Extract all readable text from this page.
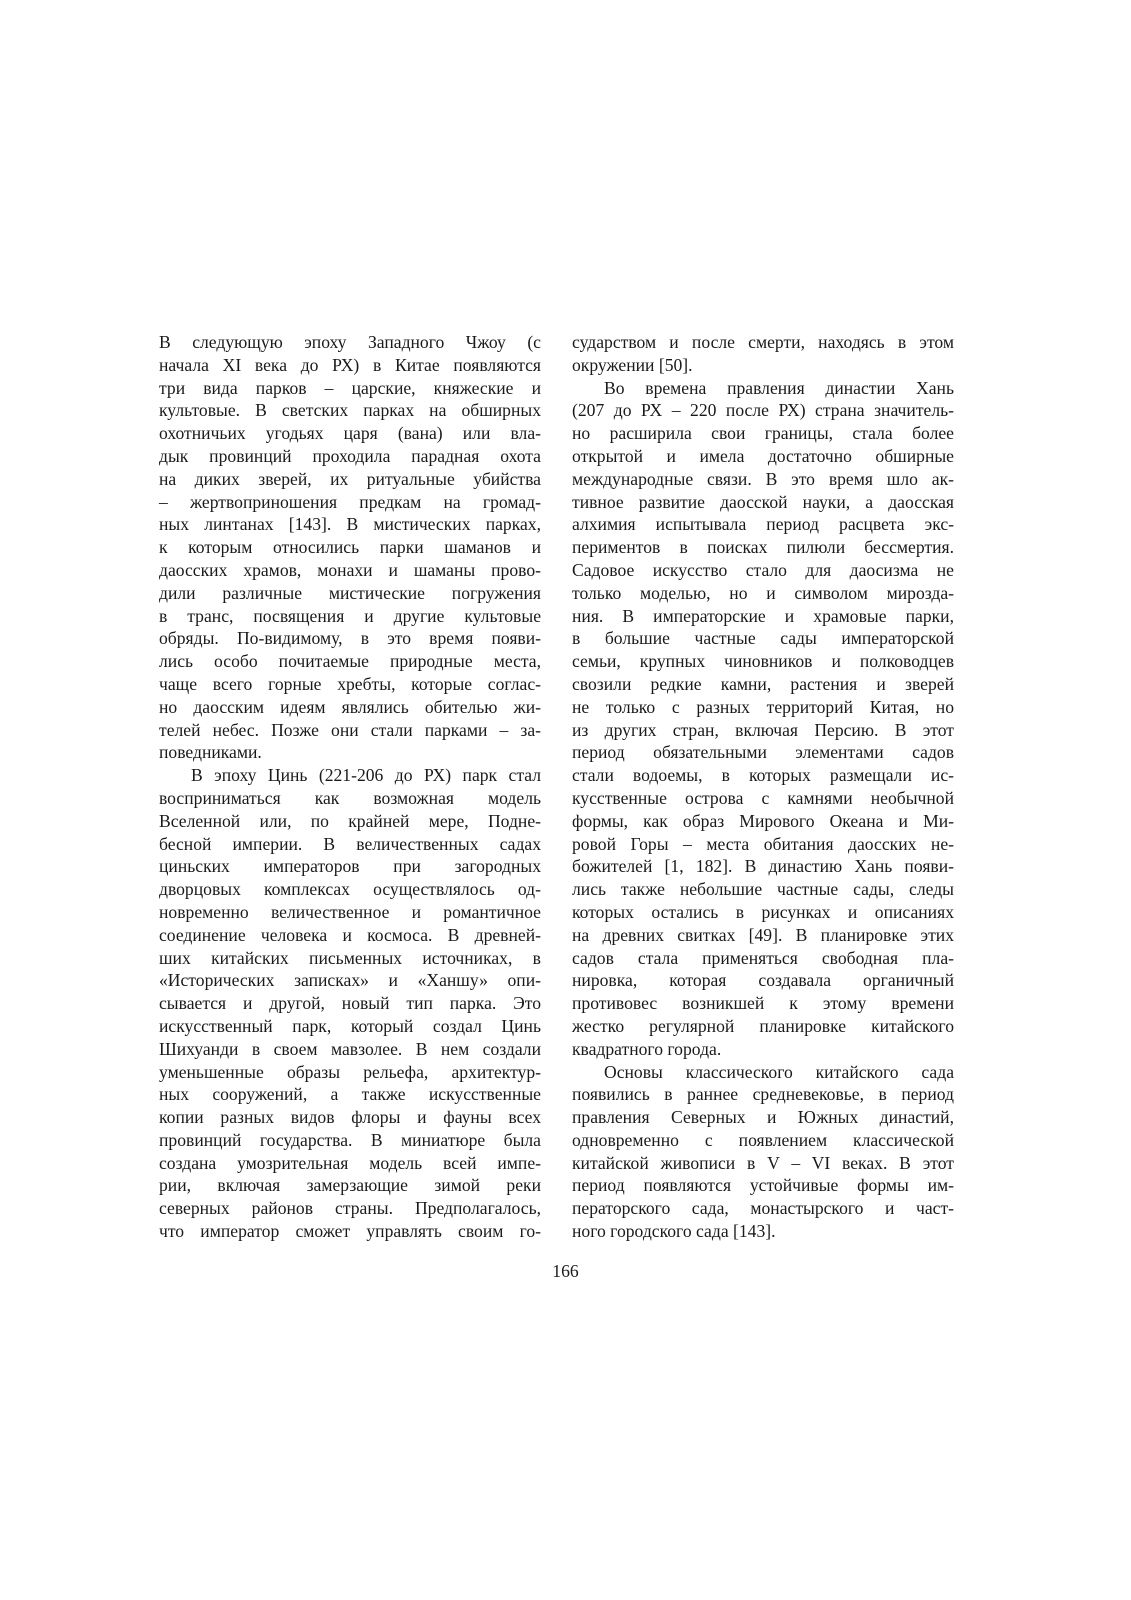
В следующую эпоху Западного Чжоу (с
начала XI века до РХ) в Китае появляются
три вида парков – царские, княжеские и
культовые. В светских парках на обширных
охотничьих угодьях царя (вана) или вла-
дык провинций проходила парадная охота
на диких зверей, их ритуальные убийства
– жертвоприношения предкам на громад-
ных линтанах [143]. В мистических парках,
к которым относились парки шаманов и
даосских храмов, монахи и шаманы прово-
дили различные мистические погружения
в транс, посвящения и другие культовые
обряды. По-видимому, в это время появи-
лись особо почитаемые природные места,
чаще всего горные хребты, которые соглас-
но даосским идеям являлись обителью жи-
телей небес. Позже они стали парками – за-
поведниками.
В эпоху Цинь (221-206 до РХ) парк стал
восприниматься как возможная модель
Вселенной или, по крайней мере, Подне-
бесной империи. В величественных садах
циньских императоров при загородных
дворцовых комплексах осуществлялось од-
новременно величественное и романтичное
соединение человека и космоса. В древней-
ших китайских письменных источниках, в
«Исторических записках» и «Ханшу» опи-
сывается и другой, новый тип парка. Это
искусственный парк, который создал Цинь
Шихуанди в своем мавзолее. В нем создали
уменьшенные образы рельефа, архитектур-
ных сооружений, а также искусственные
копии разных видов флоры и фауны всех
провинций государства. В миниатюре была
создана умозрительная модель всей импе-
рии, включая замерзающие зимой реки
северных районов страны. Предполагалось,
что император сможет управлять своим го-
сударством и после смерти, находясь в этом
окружении [50].
Во времена правления династии Хань
(207 до РХ – 220 после РХ) страна значитель-
но расширила свои границы, стала более
открытой и имела достаточно обширные
международные связи. В это время шло ак-
тивное развитие даосской науки, а даосская
алхимия испытывала период расцвета экс-
периментов в поисках пилюли бессмертия.
Садовое искусство стало для даосизма не
только моделью, но и символом мирозда-
ния. В императорские и храмовые парки,
в большие частные сады императорской
семьи, крупных чиновников и полководцев
свозили редкие камни, растения и зверей
не только с разных территорий Китая, но
из других стран, включая Персию. В этот
период обязательными элементами садов
стали водоемы, в которых размещали ис-
кусственные острова с камнями необычной
формы, как образ Мирового Океана и Ми-
ровой Горы – места обитания даосских не-
божителей [1, 182]. В династию Хань появи-
лись также небольшие частные сады, следы
которых остались в рисунках и описаниях
на древних свитках [49]. В планировке этих
садов стала применяться свободная пла-
нировка, которая создавала органичный
противовес возникшей к этому времени
жестко регулярной планировке китайского
квадратного города.
Основы классического китайского сада
появились в раннее средневековье, в период
правления Северных и Южных династий,
одновременно с появлением классической
китайской живописи в V – VI веках. В этот
период появляются устойчивые формы им-
ператорского сада, монастырского и част-
ного городского сада [143].
166
